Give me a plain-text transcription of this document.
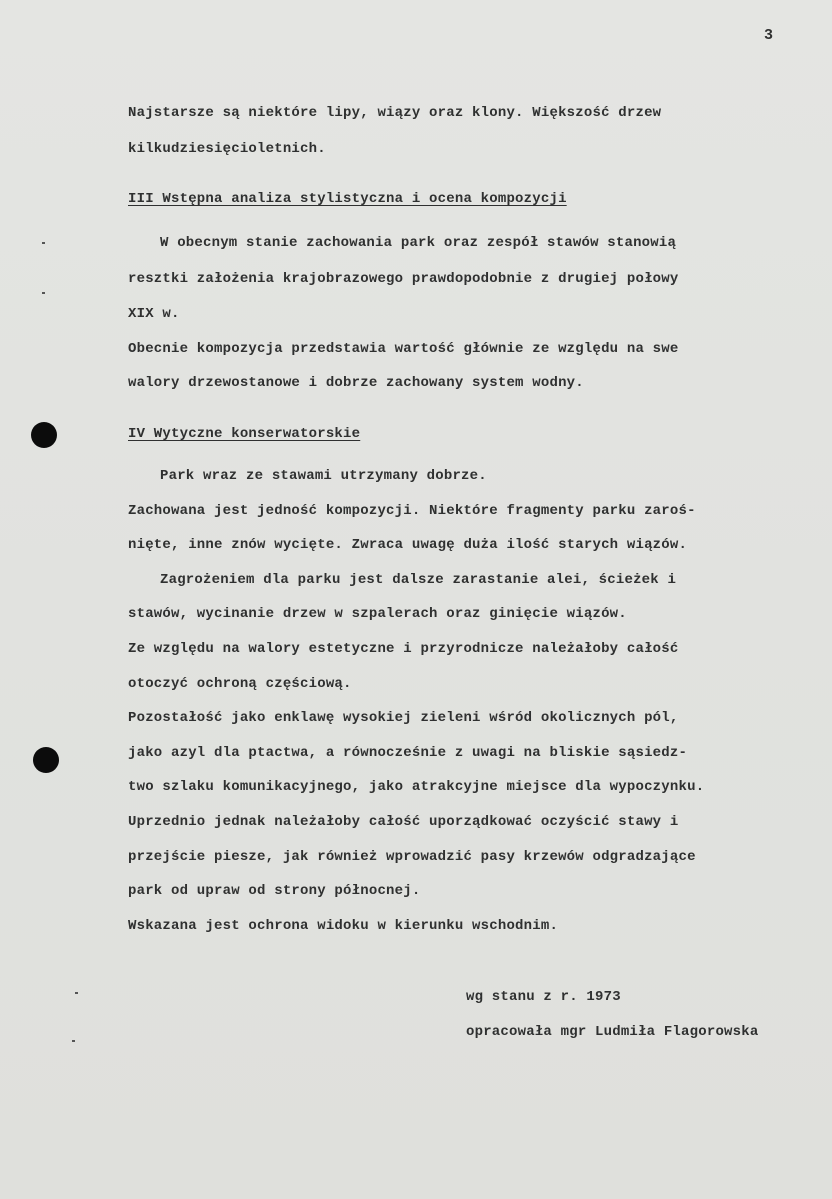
3
Najstarsze są niektóre lipy, wiązy oraz klony. Większość drzew
kilkudziesięcioletnich.
III Wstępna analiza stylistyczna i ocena kompozycji
W obecnym stanie zachowania park oraz zespół stawów stanowią
resztki założenia krajobrazowego prawdopodobnie z drugiej połowy
XIX w.
Obecnie kompozycja przedstawia wartość głównie ze względu na swe
walory drzewostanowe i dobrze zachowany system wodny.
IV Wytyczne konserwatorskie
Park wraz ze stawami utrzymany dobrze.
Zachowana jest jedność kompozycji. Niektóre fragmenty parku zaroś-
nięte, inne znów wycięte. Zwraca uwagę duża ilość starych wiązów.
Zagrożeniem dla parku jest dalsze zarastanie alei, ścieżek i
stawów, wycinanie drzew w szpalerach oraz ginięcie wiązów.
Ze względu na walory estetyczne i przyrodnicze należałoby całość
otoczyć ochroną częściową.
Pozostałość jako enklawę wysokiej zieleni wśród okolicznych pól,
jako azyl dla ptactwa, a równocześnie z uwagi na bliskie sąsiedz-
two szlaku komunikacyjnego, jako atrakcyjne miejsce dla wypoczynku.
Uprzednio jednak należałoby całość uporządkować oczyścić stawy i
przejście piesze, jak również wprowadzić pasy krzewów odgradzające
park od upraw od strony północnej.
Wskazana jest ochrona widoku w kierunku wschodnim.
wg stanu z r. 1973
opracowała mgr Ludmiła Flagorowska
